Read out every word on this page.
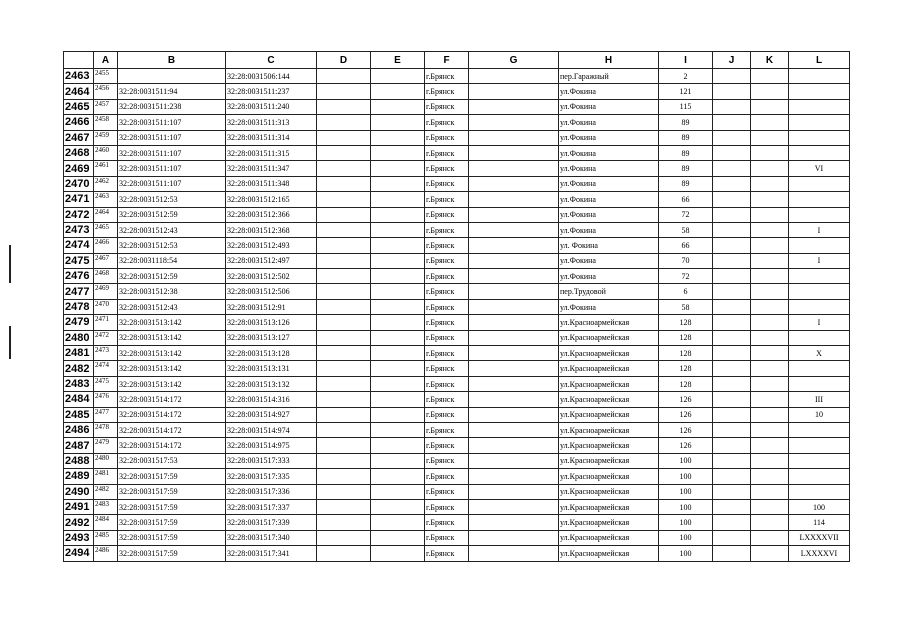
	A	B	C	D	E	F	G	H	I	J	K	L
2463	2455		32:28:0031506:144			г.Брянск		пер.Гаражный	2			
2464	2456	32:28:0031511:94	32:28:0031511:237			г.Брянск		ул.Фокина	121			
2465	2457	32:28:0031511:238	32:28:0031511:240			г.Брянск		ул.Фокина	115			
2466	2458	32:28:0031511:107	32:28:0031511:313			г.Брянск		ул.Фокина	89			
2467	2459	32:28:0031511:107	32:28:0031511:314			г.Брянск		ул.Фокина	89			
2468	2460	32:28:0031511:107	32:28:0031511:315			г.Брянск		ул.Фокина	89			
2469	2461	32:28:0031511:107	32:28:0031511:347			г.Брянск		ул.Фокина	89			VI
2470	2462	32:28:0031511:107	32:28:0031511:348			г.Брянск		ул.Фокина	89			
2471	2463	32:28:0031512:53	32:28:0031512:165			г.Брянск		ул.Фокина	66			
2472	2464	32:28:0031512:59	32:28:0031512:366			г.Брянск		ул.Фокина	72			
2473	2465	32:28:0031512:43	32:28:0031512:368			г.Брянск		ул.Фокина	58			I
2474	2466	32:28:0031512:53	32:28:0031512:493			г.Брянск		ул. Фокина	66			
2475	2467	32:28:0031118:54	32:28:0031512:497			г.Брянск		ул.Фокина	70			I
2476	2468	32:28:0031512:59	32:28:0031512:502			г.Брянск		ул.Фокина	72			
2477	2469	32:28:0031512:38	32:28:0031512:506			г.Брянск		пер.Трудовой	6			
2478	2470	32:28:0031512:43	32:28:0031512:91			г.Брянск		ул.Фокина	58			
2479	2471	32:28:0031513:142	32:28:0031513:126			г.Брянск		ул.Красноармейская	128			I
2480	2472	32:28:0031513:142	32:28:0031513:127			г.Брянск		ул.Красноармейская	128			
2481	2473	32:28:0031513:142	32:28:0031513:128			г.Брянск		ул.Красноармейская	128			X
2482	2474	32:28:0031513:142	32:28:0031513:131			г.Брянск		ул.Красноармейская	128			
2483	2475	32:28:0031513:142	32:28:0031513:132			г.Брянск		ул.Красноармейская	128			
2484	2476	32:28:0031514:172	32:28:0031514:316			г.Брянск		ул.Красноармейская	126			III
2485	2477	32:28:0031514:172	32:28:0031514:927			г.Брянск		ул.Красноармейская	126			10
2486	2478	32:28:0031514:172	32:28:0031514:974			г.Брянск		ул.Красноармейская	126			
2487	2479	32:28:0031514:172	32:28:0031514:975			г.Брянск		ул.Красноармейская	126			
2488	2480	32:28:0031517:53	32:28:0031517:333			г.Брянск		ул.Красноармейская	100			
2489	2481	32:28:0031517:59	32:28:0031517:335			г.Брянск		ул.Красноармейская	100			
2490	2482	32:28:0031517:59	32:28:0031517:336			г.Брянск		ул.Красноармейская	100			
2491	2483	32:28:0031517:59	32:28:0031517:337			г.Брянск		ул.Красноармейская	100			100
2492	2484	32:28:0031517:59	32:28:0031517:339			г.Брянск		ул.Красноармейская	100			114
2493	2485	32:28:0031517:59	32:28:0031517:340			г.Брянск		ул.Красноармейская	100			LXXXXVII
2494	2486	32:28:0031517:59	32:28:0031517:341			г.Брянск		ул.Красноармейская	100			LXXXXVI
